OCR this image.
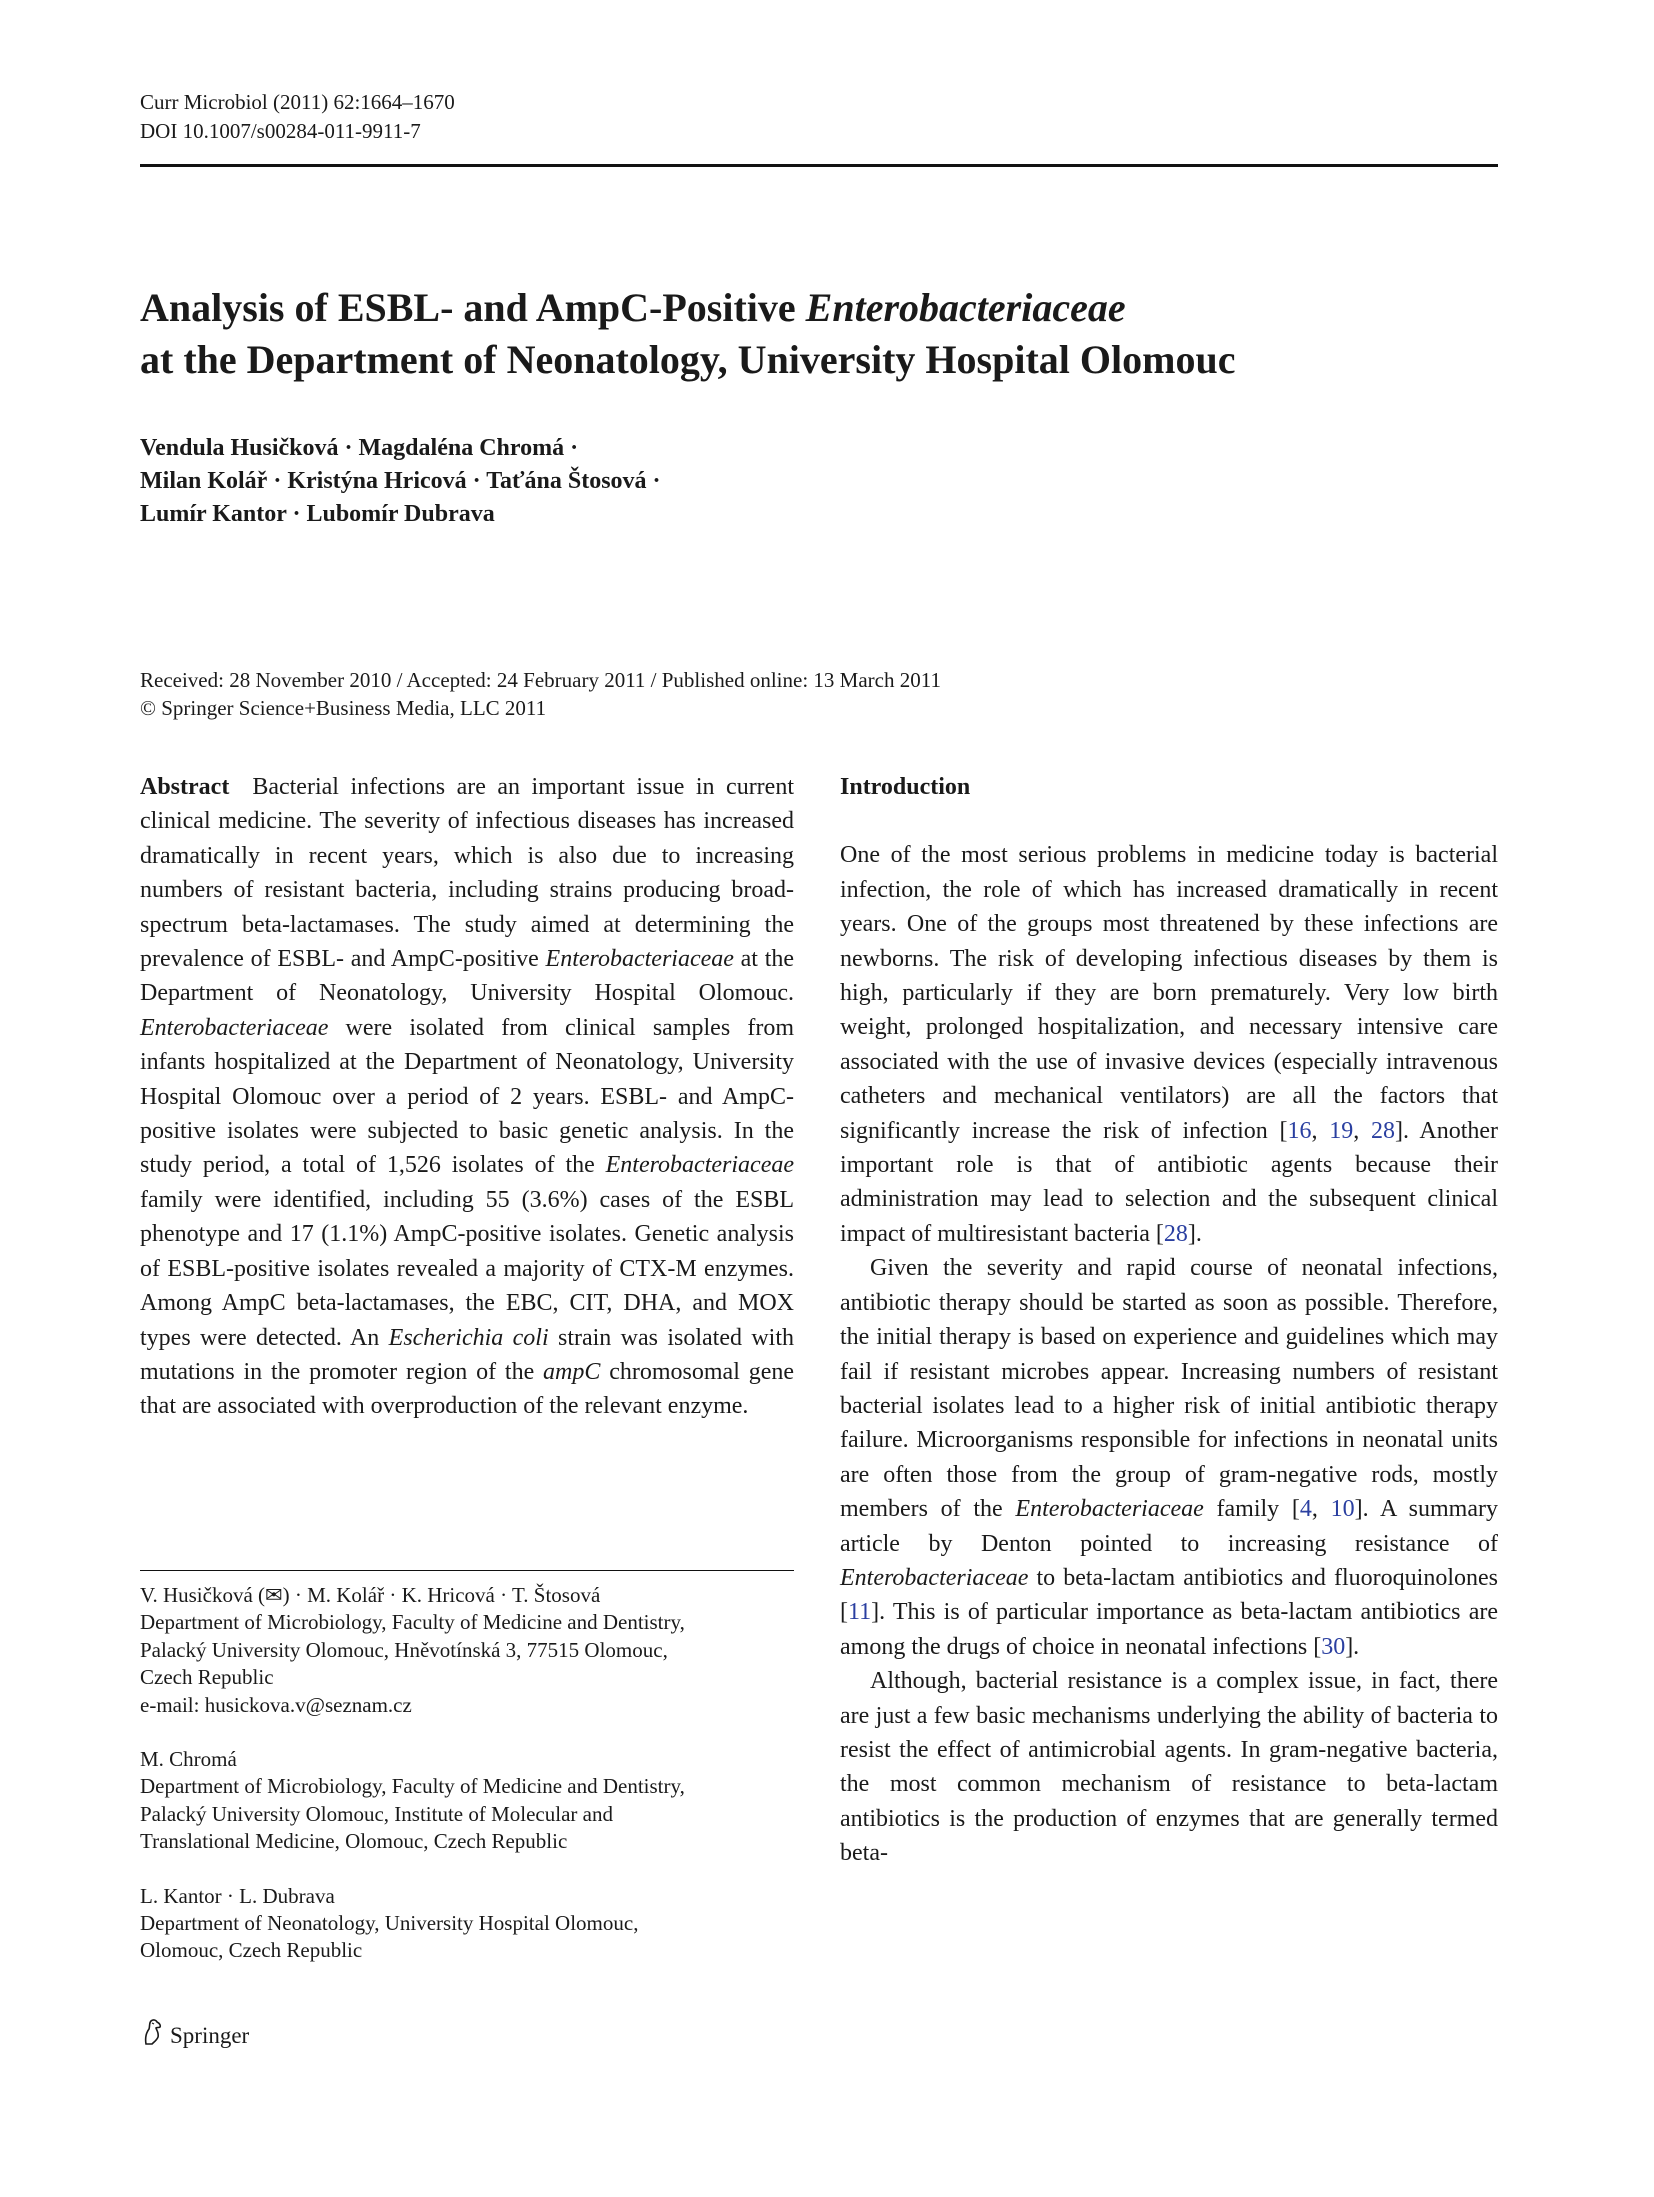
Curr Microbiol (2011) 62:1664–1670
DOI 10.1007/s00284-011-9911-7
Analysis of ESBL- and AmpC-Positive Enterobacteriaceae
at the Department of Neonatology, University Hospital Olomouc
Vendula Husičková · Magdaléna Chromá ·
Milan Kolář · Kristýna Hricová · Taťána Štosová ·
Lumír Kantor · Lubomír Dubrava
Received: 28 November 2010 / Accepted: 24 February 2011 / Published online: 13 March 2011
© Springer Science+Business Media, LLC 2011

Abstract Bacterial infections are an important issue in current clinical medicine. The severity of infectious diseases has increased dramatically in recent years, which is also due to increasing numbers of resistant bacteria, including strains producing broad-spectrum beta-lactamases. The study aimed at determining the prevalence of ESBL- and AmpC-positive Enterobacteriaceae at the Department of Neonatology, University Hospital Olomouc. Enterobacteriaceae were isolated from clinical samples from infants hospitalized at the Department of Neonatology, University Hospital Olomouc over a period of 2 years. ESBL- and AmpC-positive isolates were subjected to basic genetic analysis. In the study period, a total of 1,526 isolates of the Enterobacteriaceae family were identified, including 55 (3.6%) cases of the ESBL phenotype and 17 (1.1%) AmpC-positive isolates. Genetic analysis of ESBL-positive isolates revealed a majority of CTX-M enzymes. Among AmpC beta-lactamases, the EBC, CIT, DHA, and MOX types were detected. An Escherichia coli strain was isolated with mutations in the promoter region of the ampC chromosomal gene that are associated with overproduction of the relevant enzyme.

V. Husičková (✉) · M. Kolář · K. Hricová · T. Štosová
Department of Microbiology, Faculty of Medicine and Dentistry,
Palacký University Olomouc, Hněvotínská 3, 77515 Olomouc,
Czech Republic
e-mail: husickova.v@seznam.cz
M. Chromá
Department of Microbiology, Faculty of Medicine and Dentistry,
Palacký University Olomouc, Institute of Molecular and
Translational Medicine, Olomouc, Czech Republic
L. Kantor · L. Dubrava
Department of Neonatology, University Hospital Olomouc,
Olomouc, Czech Republic

Introduction

One of the most serious problems in medicine today is bacterial infection, the role of which has increased dramatically in recent years. One of the groups most threatened by these infections are newborns. The risk of developing infectious diseases by them is high, particularly if they are born prematurely. Very low birth weight, prolonged hospitalization, and necessary intensive care associated with the use of invasive devices (especially intravenous catheters and mechanical ventilators) are all the factors that significantly increase the risk of infection [16, 19, 28]. Another important role is that of antibiotic agents because their administration may lead to selection and the subsequent clinical impact of multiresistant bacteria [28].

Given the severity and rapid course of neonatal infections, antibiotic therapy should be started as soon as possible. Therefore, the initial therapy is based on experience and guidelines which may fail if resistant microbes appear. Increasing numbers of resistant bacterial isolates lead to a higher risk of initial antibiotic therapy failure. Microorganisms responsible for infections in neonatal units are often those from the group of gram-negative rods, mostly members of the Enterobacteriaceae family [4, 10]. A summary article by Denton pointed to increasing resistance of Enterobacteriaceae to beta-lactam antibiotics and fluoroquinolones [11]. This is of particular importance as beta-lactam antibiotics are among the drugs of choice in neonatal infections [30].

Although, bacterial resistance is a complex issue, in fact, there are just a few basic mechanisms underlying the ability of bacteria to resist the effect of antimicrobial agents. In gram-negative bacteria, the most common mechanism of resistance to beta-lactam antibiotics is the production of enzymes that are generally termed beta-

Springer
